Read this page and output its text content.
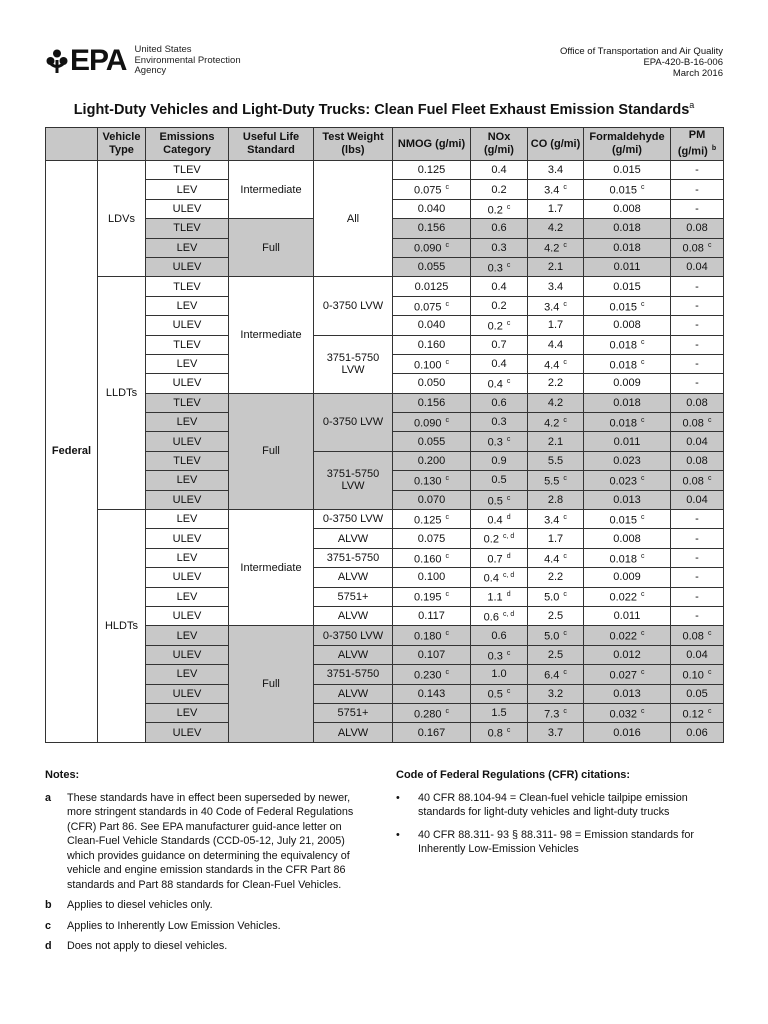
EPA United States
Environmental Protection
Agency
Office of Transportation and Air Quality
EPA-420-B-16-006
March 2016
Light-Duty Vehicles and Light-Duty Trucks: Clean Fuel Fleet Exhaust Emission Standards$^a$
	Vehicle Type	Emissions Category	Useful Life Standard	Test Weight (lbs)	NMOG (g/mi)	NOx (g/mi)	CO (g/mi)	Formaldehyde (g/mi)	PM (g/mi) $^b$
Federal	LDVs	TLEV	Intermediate	All	0.125	0.4	3.4	0.015	-
		LEV			0.075 $^c$	0.2	3.4 $^c$	0.015 $^c$	-
		ULEV			0.040	0.2 $^c$	1.7	0.008	-
		TLEV	Full		0.156	0.6	4.2	0.018	0.08
		LEV			0.090 $^c$	0.3	4.2 $^c$	0.018	0.08 $^c$
		ULEV			0.055	0.3 $^c$	2.1	0.011	0.04
	LLDTs	TLEV	Intermediate	0-3750 LVW	0.0125	0.4	3.4	0.015	-
		LEV			0.075 $^c$	0.2	3.4 $^c$	0.015 $^c$	-
		ULEV			0.040	0.2 $^c$	1.7	0.008	-
		TLEV		3751-5750 LVW	0.160	0.7	4.4	0.018 $^c$	-
		LEV			0.100 $^c$	0.4	4.4 $^c$	0.018 $^c$	-
		ULEV			0.050	0.4 $^c$	2.2	0.009	-
		TLEV	Full	0-3750 LVW	0.156	0.6	4.2	0.018	0.08
		LEV			0.090 $^c$	0.3	4.2 $^c$	0.018 $^c$	0.08 $^c$
		ULEV			0.055	0.3 $^c$	2.1	0.011	0.04
		TLEV		3751-5750 LVW	0.200	0.9	5.5	0.023	0.08
		LEV			0.130 $^c$	0.5	5.5 $^c$	0.023 $^c$	0.08 $^c$
		ULEV			0.070	0.5 $^c$	2.8	0.013	0.04
	HLDTs	LEV	Intermediate	0-3750 LVW	0.125 $^c$	0.4 $^d$	3.4 $^c$	0.015 $^c$	-
		ULEV		ALVW	0.075	0.2 $^{c, d}$	1.7	0.008	-
		LEV		3751-5750	0.160 $^c$	0.7 $^d$	4.4 $^c$	0.018 $^c$	-
		ULEV		ALVW	0.100	0.4 $^{c, d}$	2.2	0.009	-
		LEV		5751+	0.195 $^c$	1.1 $^d$	5.0 $^c$	0.022 $^c$	-
		ULEV		ALVW	0.117	0.6 $^{c, d}$	2.5	0.011	-
		LEV	Full	0-3750 LVW	0.180 $^c$	0.6	5.0 $^c$	0.022 $^c$	0.08 $^c$
		ULEV		ALVW	0.107	0.3 $^c$	2.5	0.012	0.04
		LEV		3751-5750	0.230 $^c$	1.0	6.4 $^c$	0.027 $^c$	0.10 $^c$
		ULEV		ALVW	0.143	0.5 $^c$	3.2	0.013	0.05
		LEV		5751+	0.280 $^c$	1.5	7.3 $^c$	0.032 $^c$	0.12 $^c$
		ULEV		ALVW	0.167	0.8 $^c$	3.7	0.016	0.06
Notes:
a	These standards have in effect been superseded by newer, more stringent standards in 40 Code of Federal Regulations (CFR) Part 86. See EPA manufacturer guid-ance letter on Clean-Fuel Vehicle Standards (CCD-05-12, July 21, 2005) which provides guidance on determining the equivalency of vehicle and engine emission standards in the CFR Part 86 standards and Part 88 standards for Clean-Fuel Vehicles.
b	Applies to diesel vehicles only.
c	Applies to Inherently Low Emission Vehicles.
d	Does not apply to diesel vehicles.
Code of Federal Regulations (CFR) citations:
•	40 CFR 88.104-94 = Clean-fuel vehicle tailpipe emission standards for light-duty vehicles and light-duty trucks
•	40 CFR 88.311- 93 § 88.311- 98 = Emission standards for Inherently Low-Emission Vehicles
